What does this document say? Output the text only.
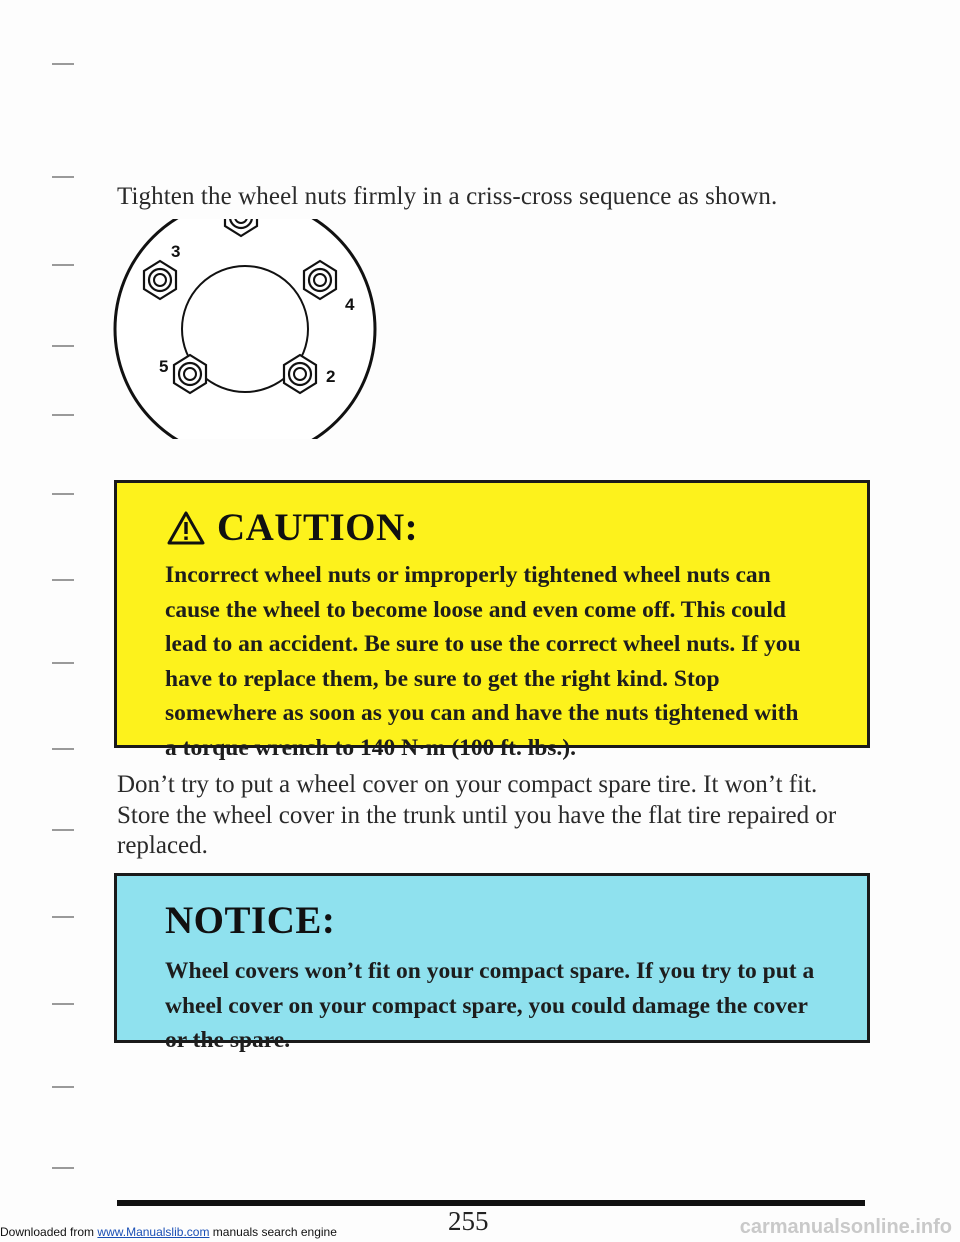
Tighten the wheel nuts firmly in a criss-cross sequence as shown.
2
3
4
5
CAUTION:
Incorrect wheel nuts or improperly tightened wheel nuts can
cause the wheel to become loose and even come off. This could
lead to an accident. Be sure to use the correct wheel nuts. If you
have to replace them, be sure to get the right kind. Stop
somewhere as soon as you can and have the nuts tightened with
a torque wrench to 140 N·m (100 ft. lbs.).
Don’t try to put a wheel cover on your compact spare tire. It won’t fit.
Store the wheel cover in the trunk until you have the flat tire repaired or
replaced.
NOTICE:
Wheel covers won’t fit on your compact spare. If you try to put a
wheel cover on your compact spare, you could damage the cover
or the spare.
255
Downloaded from www.Manualslib.com manuals search engine	carmanualsonline.info
